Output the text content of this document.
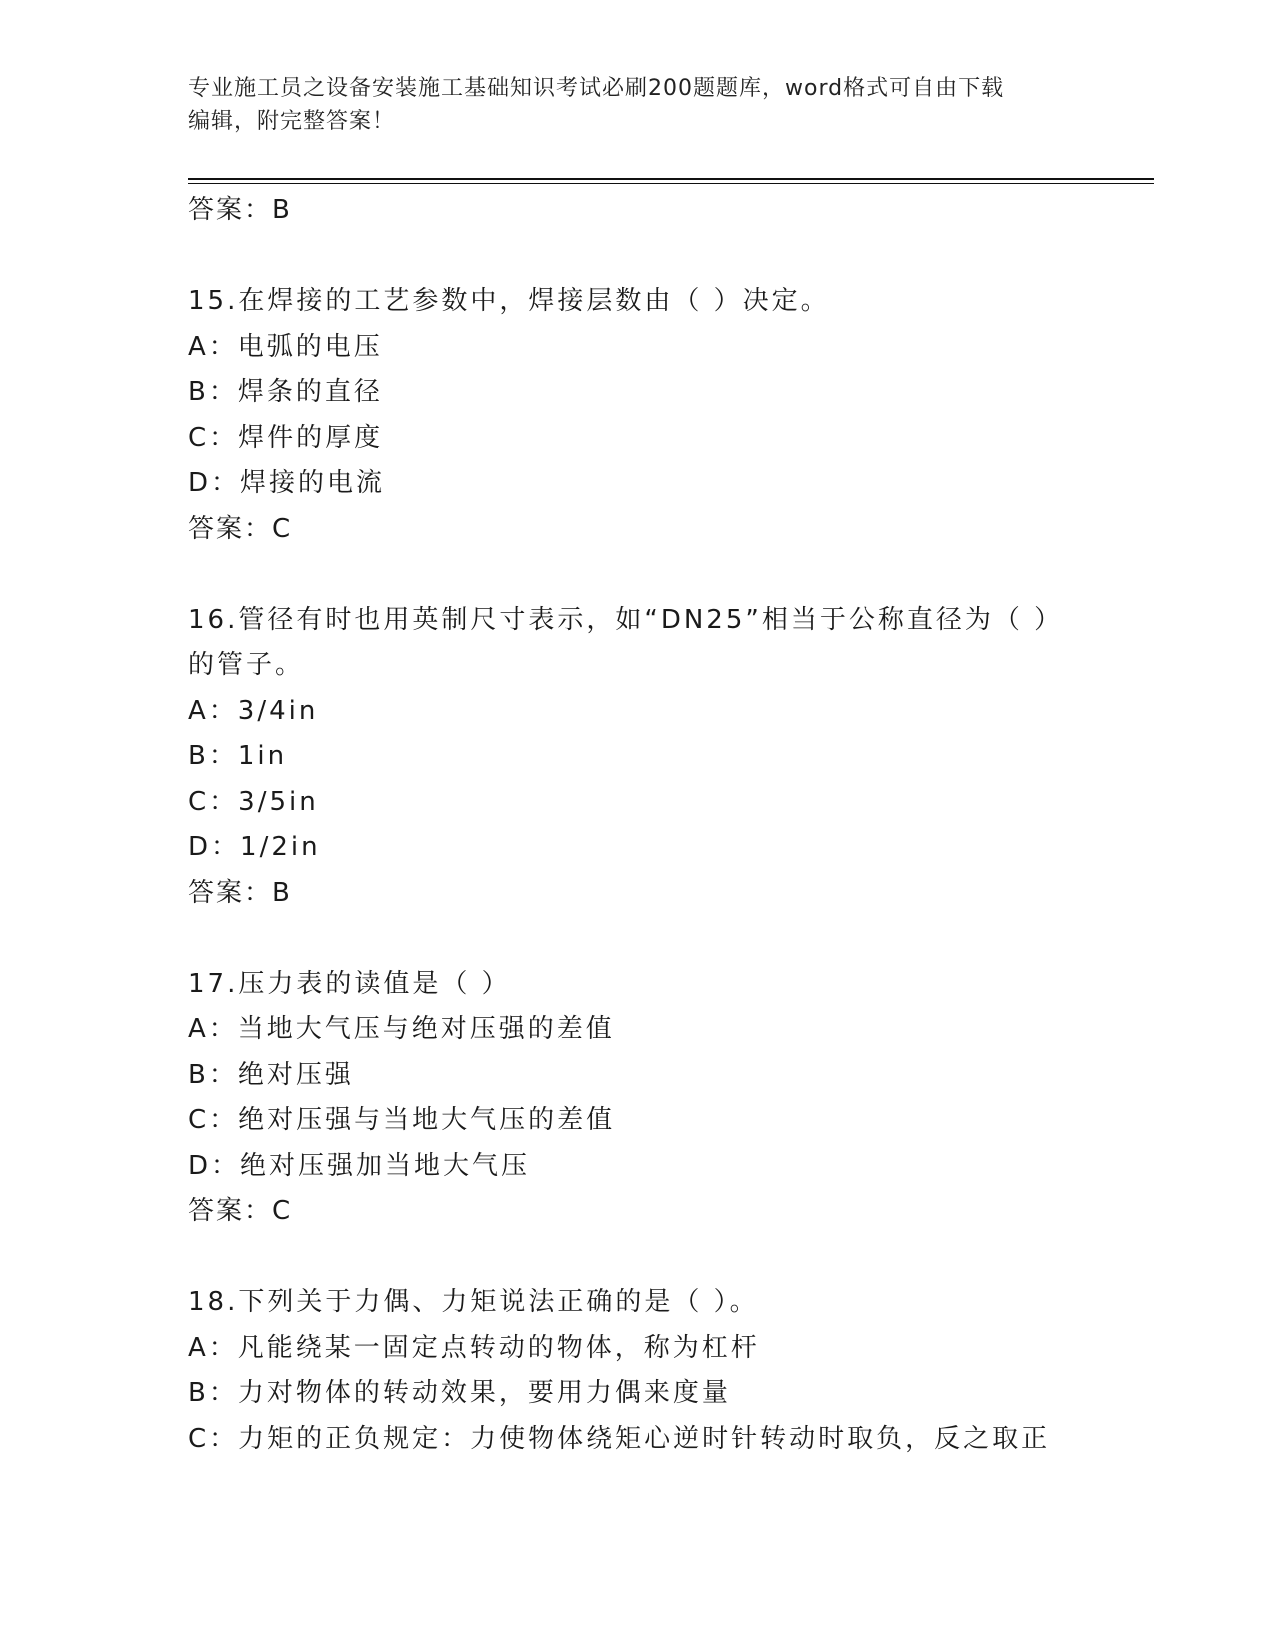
专业施工员之设备安装施工基础知识考试必刷200题题库，word格式可自由下载
编辑，附完整答案！
答案：B
15.在焊接的工艺参数中，焊接层数由（ ）决定。
A：电弧的电压
B：焊条的直径
C：焊件的厚度
D：焊接的电流
答案：C
16.管径有时也用英制尺寸表示，如“DN25”相当于公称直径为（ ）
的管子。
A：3/4in
B：1in
C：3/5in
D：1/2in
答案：B
17.压力表的读值是（ ）
A：当地大气压与绝对压强的差值
B：绝对压强
C：绝对压强与当地大气压的差值
D：绝对压强加当地大气压
答案：C
18.下列关于力偶、力矩说法正确的是（ ）。
A：凡能绕某一固定点转动的物体，称为杠杆
B：力对物体的转动效果，要用力偶来度量
C：力矩的正负规定：力使物体绕矩心逆时针转动时取负，反之取正
